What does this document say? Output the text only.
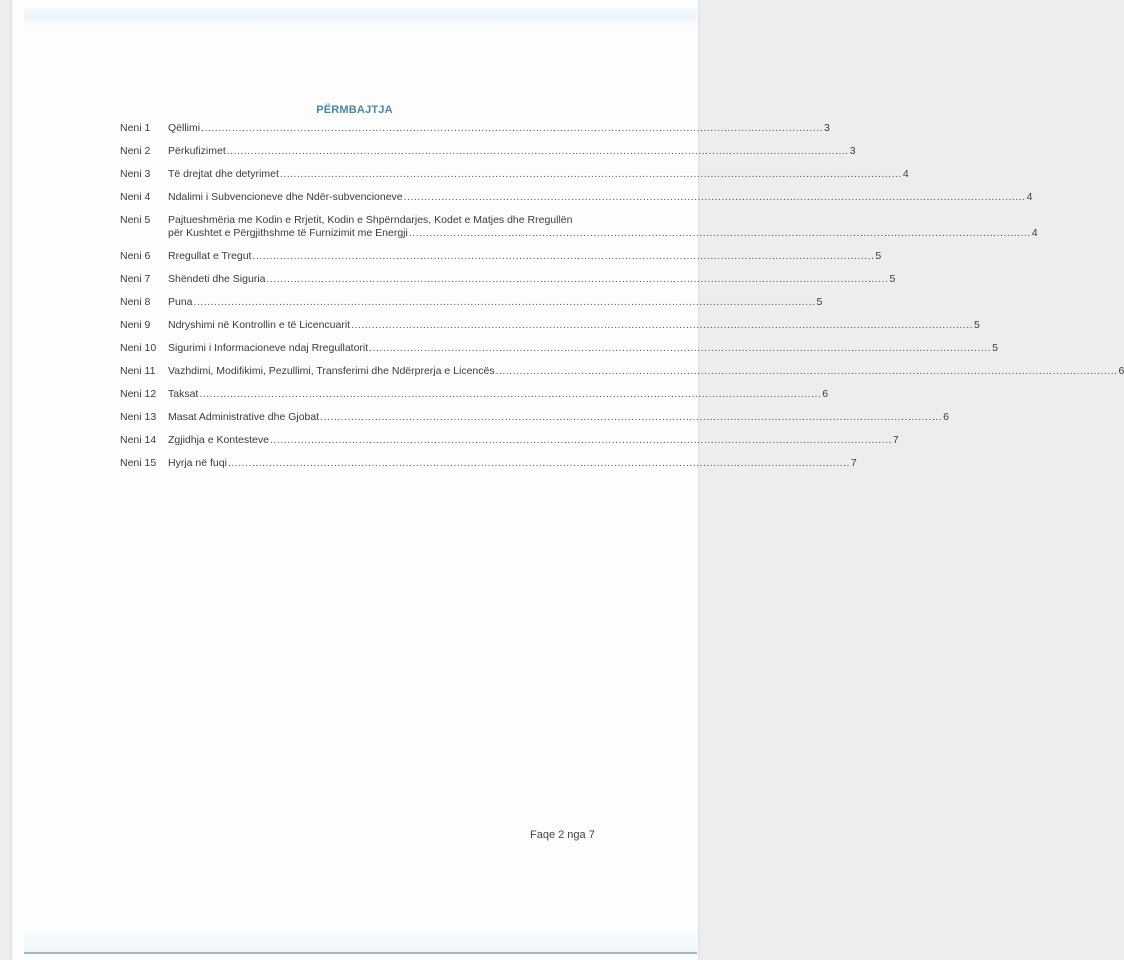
PËRMBAJTJA
Neni 1	Qëllimi .....	3
Neni 2	Përkufizimet .....	3
Neni 3	Të drejtat dhe detyrimet .....	4
Neni 4	Ndalimi i Subvencioneve dhe Ndër-subvencioneve .....	4
Neni 5	Pajtueshmëria me Kodin e Rrjetit, Kodin e Shpërndarjes, Kodet e Matjes dhe Rregullën
për Kushtet e Përgjithshme të Furnizimit me Energji .....	4
Neni 6	Rregullat e Tregut .....	5
Neni 7	Shëndeti dhe Siguria .....	5
Neni 8	Puna .....	5
Neni 9	Ndryshimi në Kontrollin e të Licencuarit .....	5
Neni 10	Sigurimi i Informacioneve ndaj Rregullatorit .....	5
Neni 11	Vazhdimi, Modifikimi, Pezullimi, Transferimi dhe Ndërprerja e Licencës .....	6
Neni 12	Taksat .....	6
Neni 13	Masat Administrative dhe Gjobat .....	6
Neni 14	Zgjidhja e Kontesteve .....	7
Neni 15	Hyrja në fuqi .....	7
Faqe 2 nga 7
